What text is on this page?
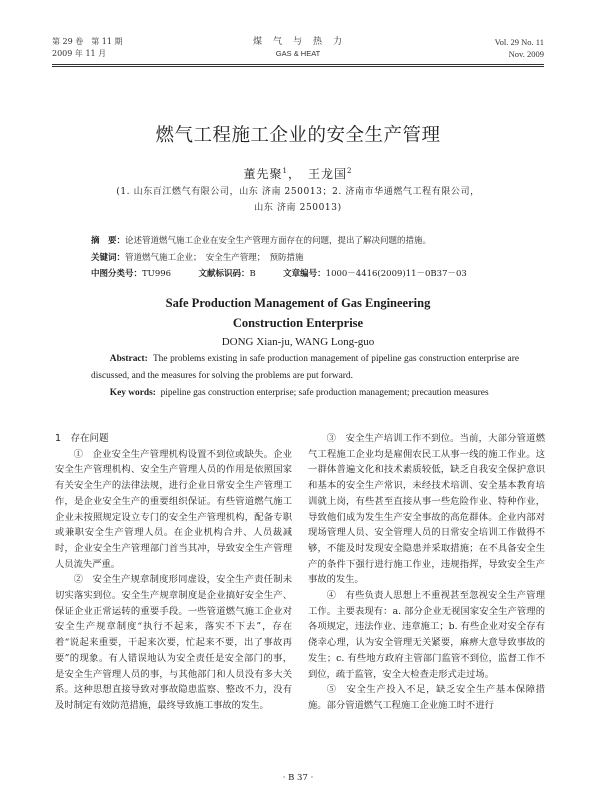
第 29 卷　第 11 期
2009 年 11 月
煤　气　与　热　力
GAS & HEAT
Vol. 29 No. 11
Nov. 2009
燃气工程施工企业的安全生产管理
董先聚$^1$，　王龙国$^2$
(1. 山东百江燃气有限公司，山东 济南 250013；2. 济南市华通燃气工程有限公司，
山东 济南 250013)
摘　要：论述管道燃气施工企业在安全生产管理方面存在的问题，提出了解决问题的措施。
关键词：管道燃气施工企业；　安全生产管理；　预防措施
中图分类号：TU996	文献标识码：B	文章编号：1000－4416(2009)11－0B37－03
Safe Production Management of Gas Engineering
Construction Enterprise
DONG Xian-ju, WANG Long-guo
Abstract: The problems existing in safe production management of pipeline gas construction enterprise are discussed, and the measures for solving the problems are put forward.
Key words: pipeline gas construction enterprise; safe production management; precaution measures
1　存在问题

①　企业安全生产管理机构设置不到位或缺失。企业安全生产管理机构、安全生产管理人员的作用是依照国家有关安全生产的法律法规，进行企业日常安全生产管理工作，是企业安全生产的重要组织保证。有些管道燃气施工企业未按照规定设立专门的安全生产管理机构，配备专职或兼职安全生产管理人员。在企业机构合并、人员裁减时，企业安全生产管理部门首当其冲，导致安全生产管理人员流失严重。

②　安全生产规章制度形同虚设，安全生产责任制未切实落实到位。安全生产规章制度是企业搞好安全生产、保证企业正常运转的重要手段。一些管道燃气施工企业对安全生产规章制度“执行不起来，落实不下去”，存在着“说起来重要，干起来次要，忙起来不要，出了事故再要”的现象。有人错误地认为安全责任是安全部门的事，是安全生产管理人员的事，与其他部门和人员没有多大关系。这种思想直接导致对事故隐患监察、整改不力，没有及时制定有效防范措施，最终导致施工事故的发生。

③　安全生产培训工作不到位。当前，大部分管道燃气工程施工企业均是雇佣农民工从事一线的施工作业。这一群体普遍文化和技术素质较低，缺乏自我安全保护意识和基本的安全生产常识，未经技术培训、安全基本教育培训就上岗，有些甚至直接从事一些危险作业、特种作业，导致他们成为发生生产安全事故的高危群体。企业内部对现场管理人员、安全管理人员的日常安全培训工作做得不够，不能及时发现安全隐患并采取措施；在不具备安全生产的条件下强行进行施工作业，违规指挥，导致安全生产事故的发生。

④　有些负责人思想上不重视甚至忽视安全生产管理工作。主要表现有：a. 部分企业无视国家安全生产管理的各项规定，违法作业、违章施工；b. 有些企业对安全存有侥幸心理，认为安全管理无关紧要，麻痹大意导致事故的发生；c. 有些地方政府主管部门监管不到位，监督工作不到位，疏于监管，安全大检查走形式走过场。

⑤　安全生产投入不足，缺乏安全生产基本保障措施。部分管道燃气工程施工企业施工时不进行

· B 37 ·
